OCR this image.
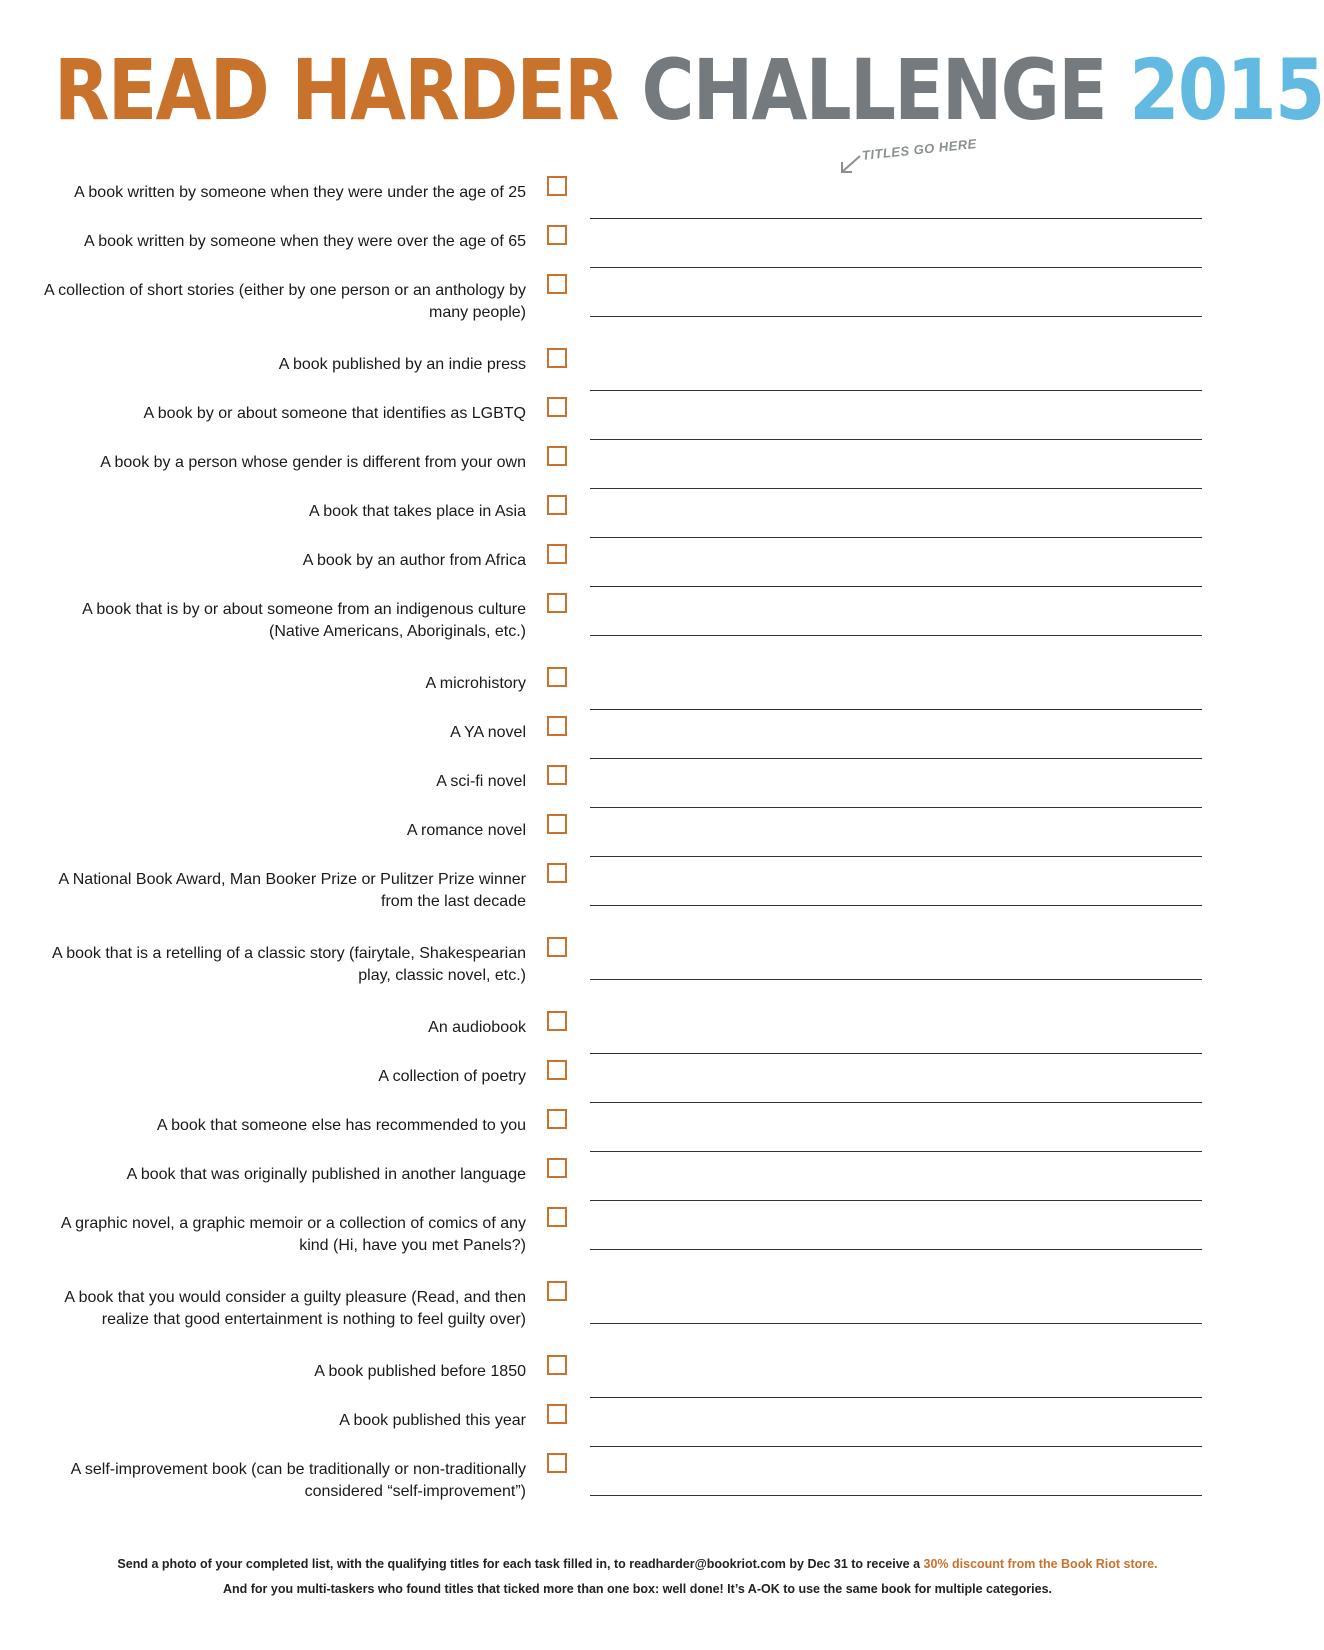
READ HARDER CHALLENGE 2015
TITLES GO HERE
A book written by someone when they were under the age of 25
A book written by someone when they were over the age of 65
A collection of short stories (either by one person or an anthology by many people)
A book published by an indie press
A book by or about someone that identifies as LGBTQ
A book by a person whose gender is different from your own
A book that takes place in Asia
A book by an author from Africa
A book that is by or about someone from an indigenous culture (Native Americans, Aboriginals, etc.)
A microhistory
A YA novel
A sci-fi novel
A romance novel
A National Book Award, Man Booker Prize or Pulitzer Prize winner from the last decade
A book that is a retelling of a classic story (fairytale, Shakespearian play, classic novel, etc.)
An audiobook
A collection of poetry
A book that someone else has recommended to you
A book that was originally published in another language
A graphic novel, a graphic memoir or a collection of comics of any kind (Hi, have you met Panels?)
A book that you would consider a guilty pleasure (Read, and then realize that good entertainment is nothing to feel guilty over)
A book published before 1850
A book published this year
A self-improvement book (can be traditionally or non-traditionally considered “self-improvement”)
Send a photo of your completed list, with the qualifying titles for each task filled in, to readharder@bookriot.com by Dec 31 to receive a 30% discount from the Book Riot store.
And for you multi-taskers who found titles that ticked more than one box: well done! It’s A-OK to use the same book for multiple categories.
